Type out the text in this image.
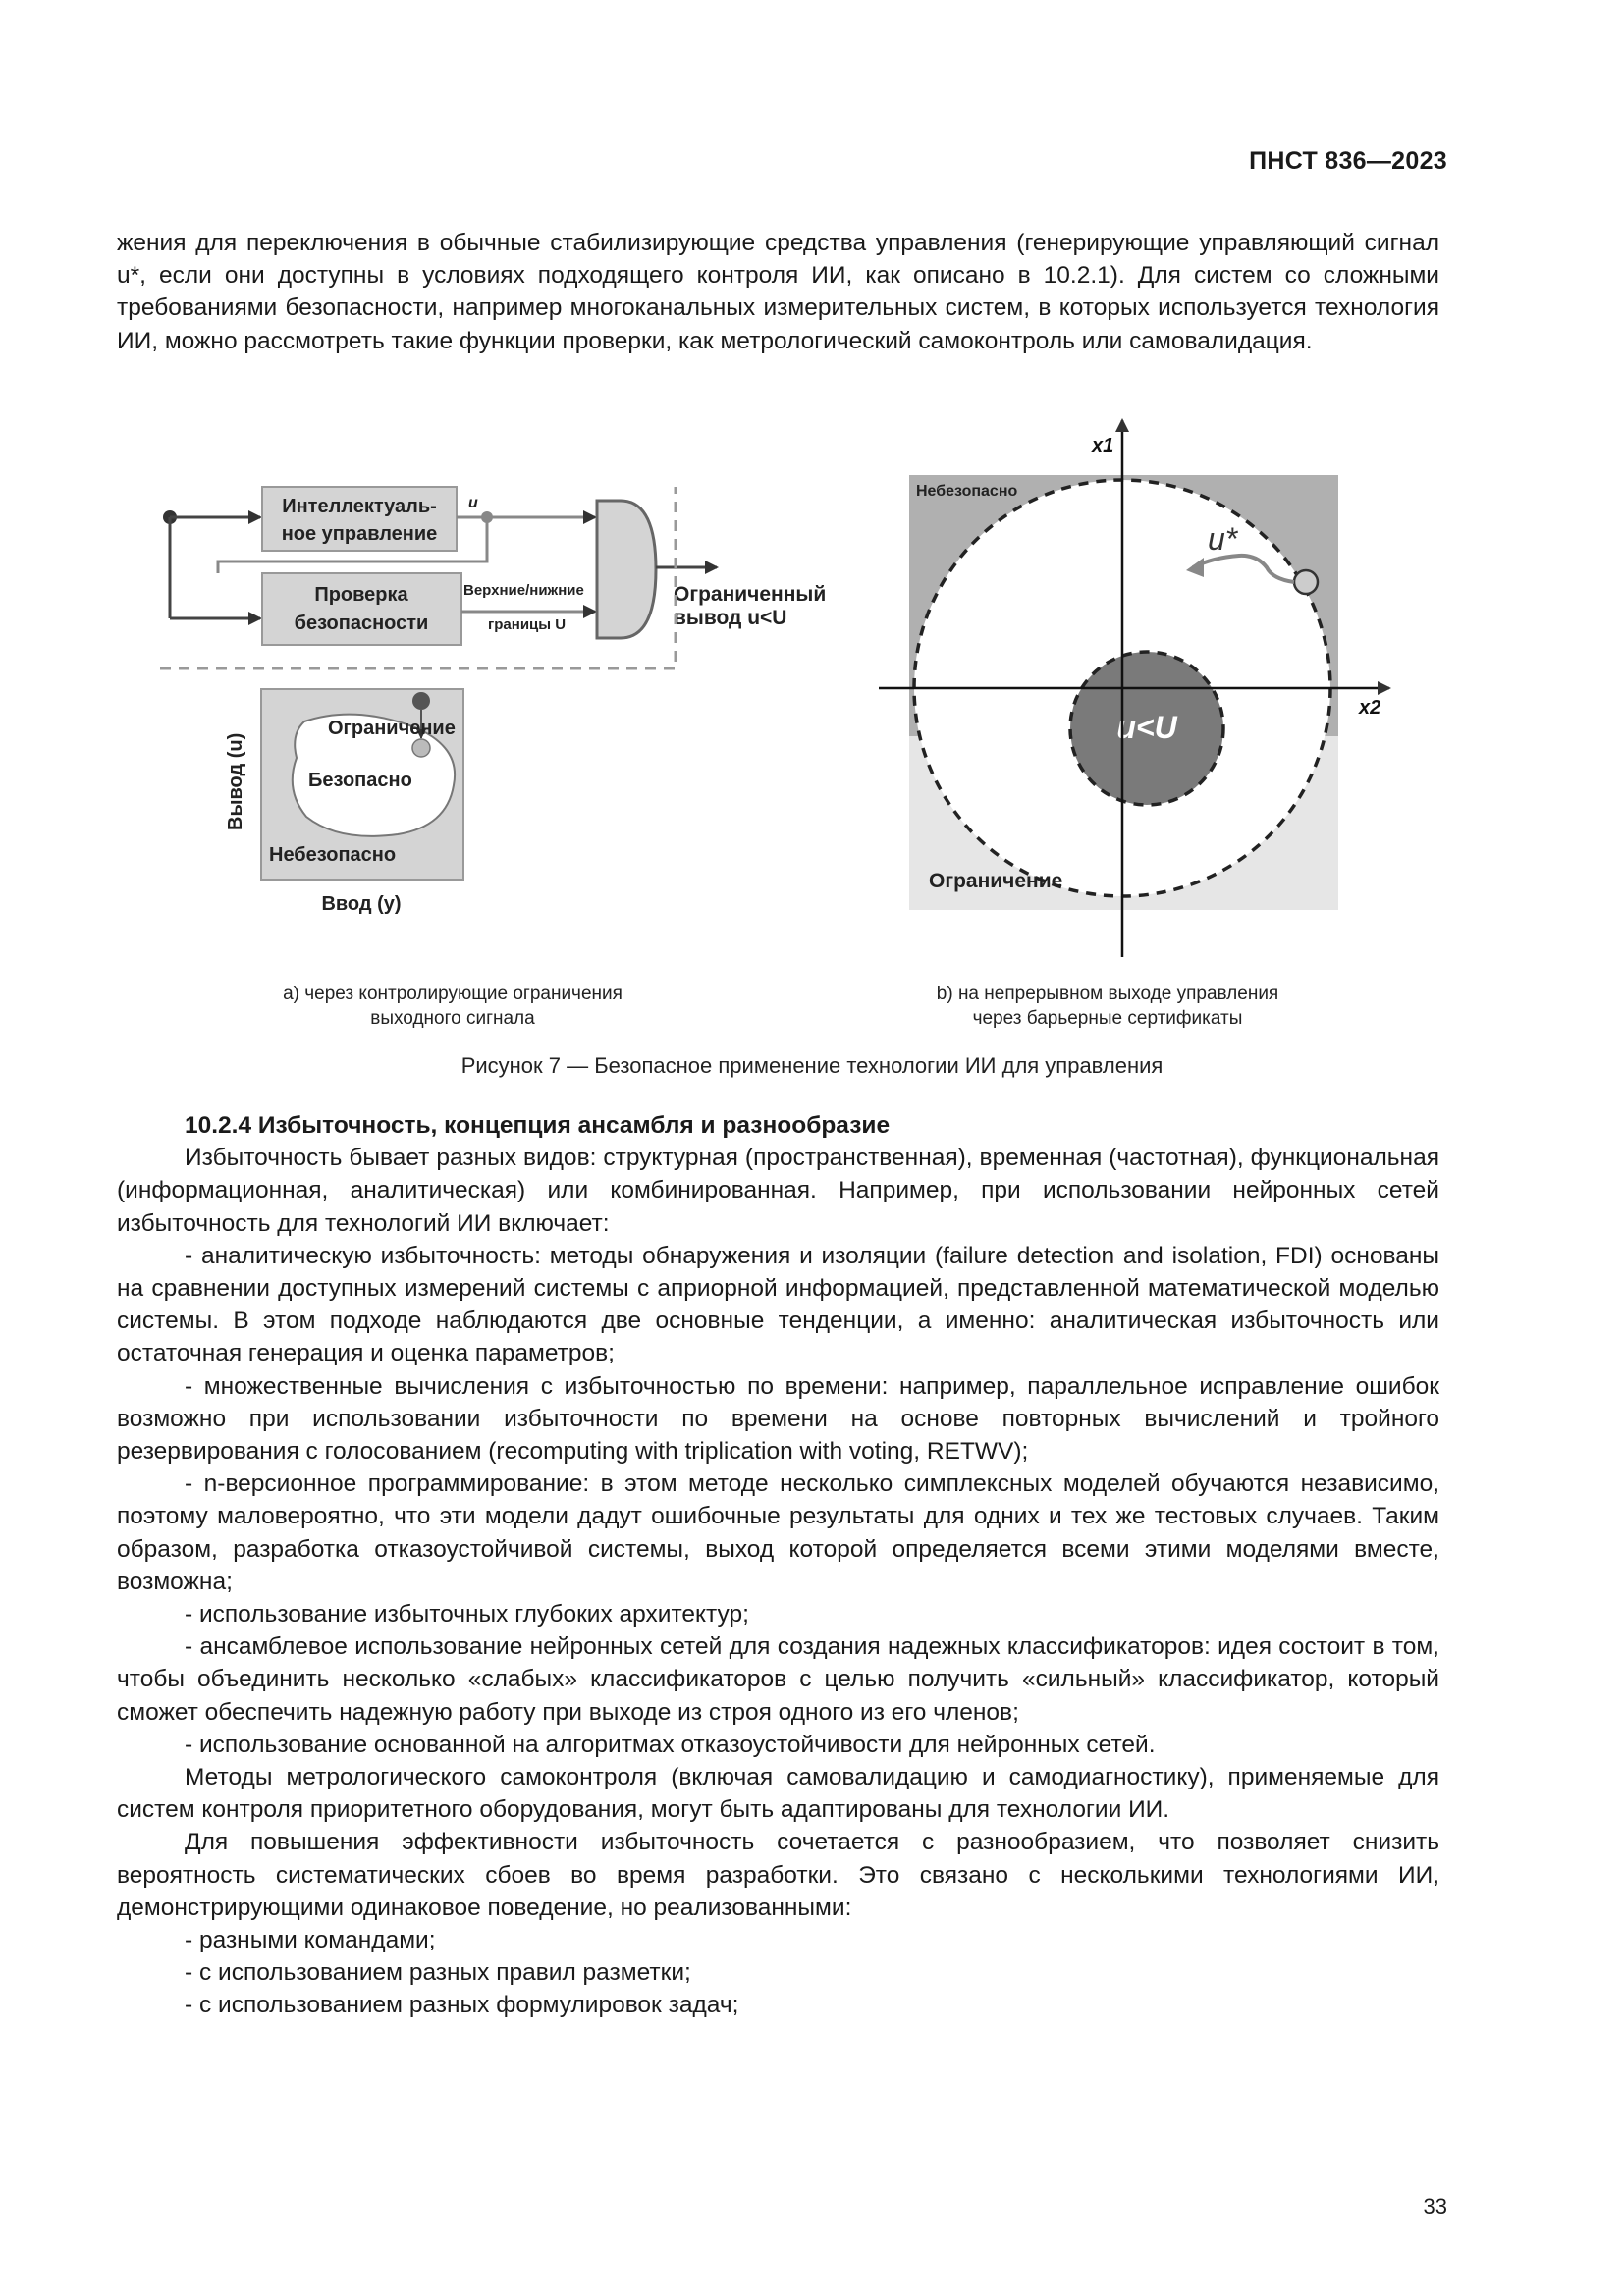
ПНСТ 836—2023

жения для переключения в обычные стабилизирующие средства управления (генерирующие управляющий сигнал u*, если они доступны в условиях подходящего контроля ИИ, как описано в 10.2.1). Для систем со сложными требованиями безопасности, например многоканальных измерительных систем, в которых используется технология ИИ, можно рассмотреть такие функции проверки, как метрологический самоконтроль или самовалидация.

Интеллектуаль-
ное управление
Проверка
безопасности
u
Верхние/нижние
границы U
Ограниченный
вывод u<U
Ограничение
Безопасно
Небезопасно
Вывод (u)
Ввод (y)
u<U
x1
x2
u*
Небезопасно
Ограничение
а) через контролирующие ограничения
выходного сигнала
b) на непрерывном выходе управления
через барьерные сертификаты
Рисунок 7 — Безопасное применение технологии ИИ для управления

10.2.4 Избыточность, концепция ансамбля и разнообразие

Избыточность бывает разных видов: структурная (пространственная), временная (частотная), функциональная (информационная, аналитическая) или комбинированная. Например, при использовании нейронных сетей избыточность для технологий ИИ включает:

- аналитическую избыточность: методы обнаружения и изоляции (failure detection and isolation, FDI) основаны на сравнении доступных измерений системы с априорной информацией, представленной математической моделью системы. В этом подходе наблюдаются две основные тенденции, а именно: аналитическая избыточность или остаточная генерация и оценка параметров;

- множественные вычисления с избыточностью по времени: например, параллельное исправление ошибок возможно при использовании избыточности по времени на основе повторных вычислений и тройного резервирования с голосованием (recomputing with triplication with voting, RETWV);

- n-версионное программирование: в этом методе несколько симплексных моделей обучаются независимо, поэтому маловероятно, что эти модели дадут ошибочные результаты для одних и тех же тестовых случаев. Таким образом, разработка отказоустойчивой системы, выход которой определяется всеми этими моделями вместе, возможна;

- использование избыточных глубоких архитектур;

- ансамблевое использование нейронных сетей для создания надежных классификаторов: идея состоит в том, чтобы объединить несколько «слабых» классификаторов с целью получить «сильный» классификатор, который сможет обеспечить надежную работу при выходе из строя одного из его членов;

- использование основанной на алгоритмах отказоустойчивости для нейронных сетей.

Методы метрологического самоконтроля (включая самовалидацию и самодиагностику), применяемые для систем контроля приоритетного оборудования, могут быть адаптированы для технологии ИИ.

Для повышения эффективности избыточность сочетается с разнообразием, что позволяет снизить вероятность систематических сбоев во время разработки. Это связано с несколькими технологиями ИИ, демонстрирующими одинаковое поведение, но реализованными:

- разными командами;

- с использованием разных правил разметки;

- с использованием разных формулировок задач;

33
